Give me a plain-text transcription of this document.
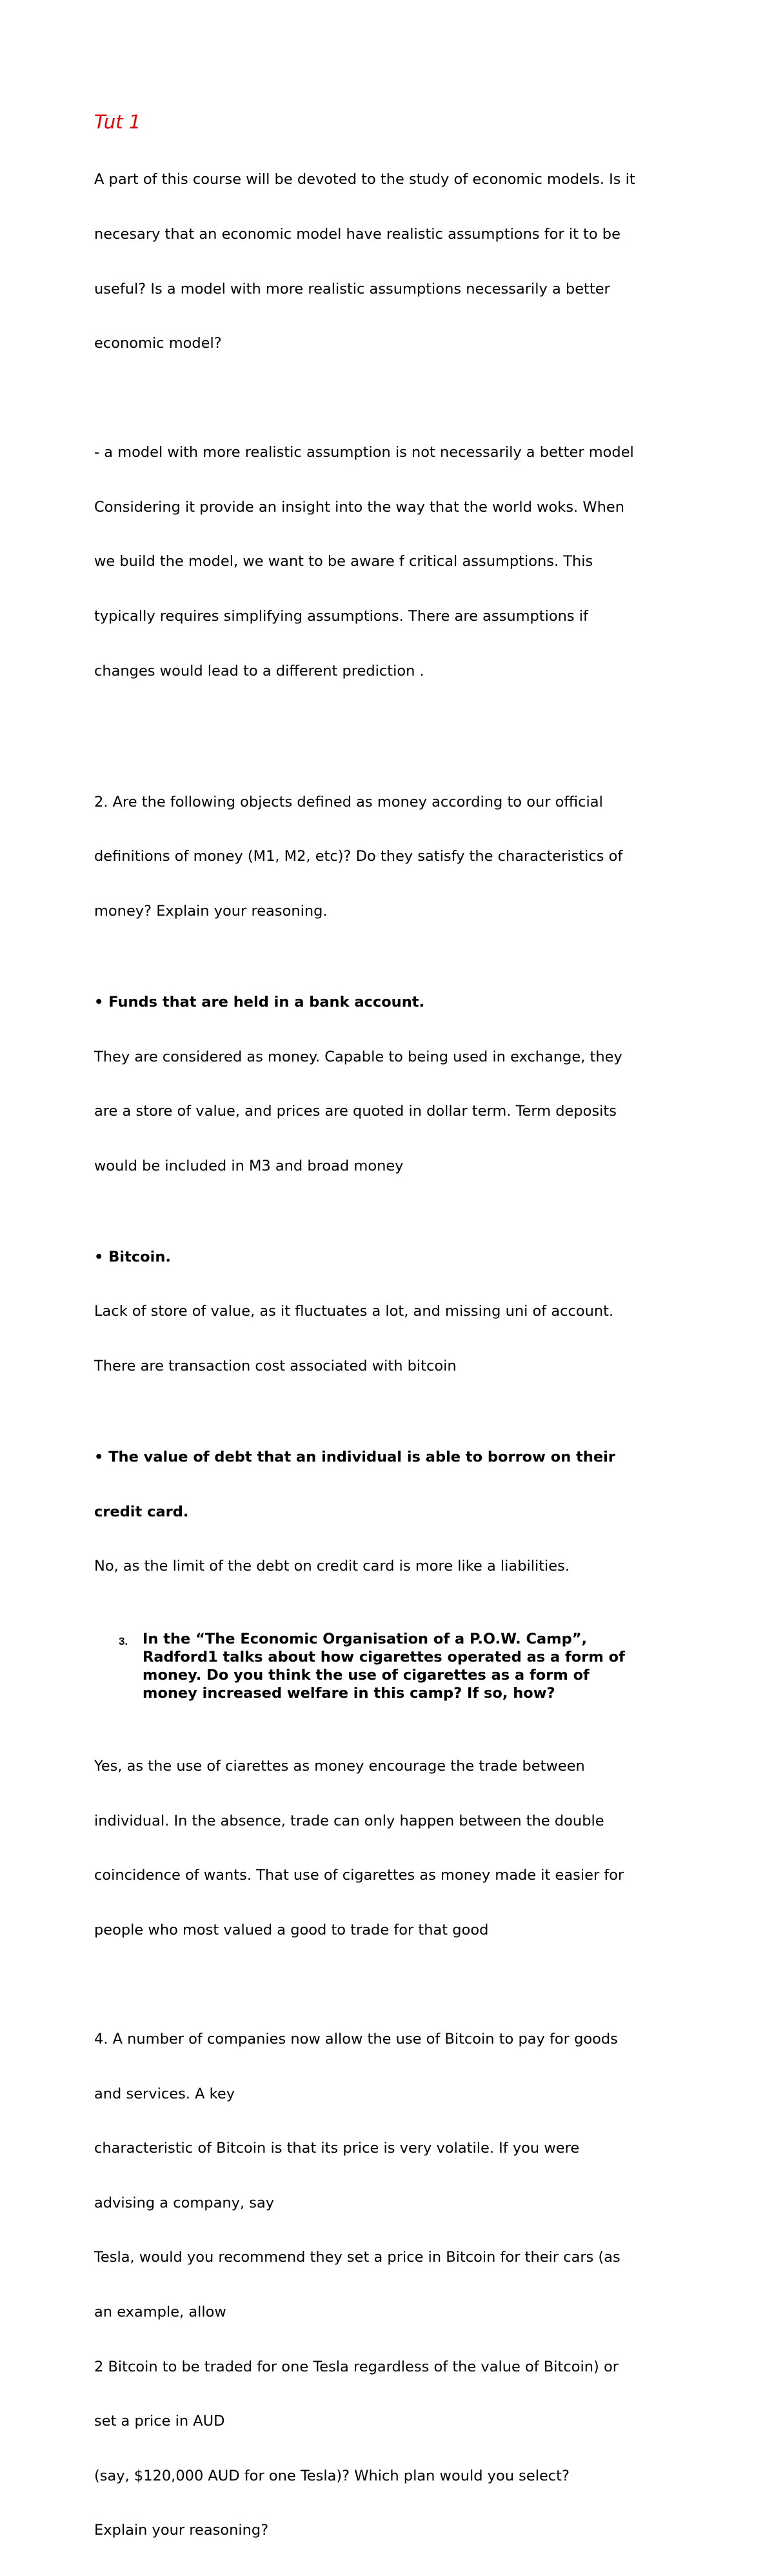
Tut 1

A part of this course will be devoted to the study of economic models. Is it

necesary that an economic model have realistic assumptions for it to be

useful? Is a model with more realistic assumptions necessarily a better

economic model?

- a model with more realistic assumption is not necessarily a better model

Considering it provide an insight into the way that the world woks. When

we build the model, we want to be aware f critical assumptions. This

typically requires simplifying assumptions. There are assumptions if

changes would lead to a different prediction .

2. Are the following objects defined as money according to our official

definitions of money (M1, M2, etc)? Do they satisfy the characteristics of

money? Explain your reasoning.

• Funds that are held in a bank account.

They are considered as money. Capable to being used in exchange, they

are a store of value, and prices are quoted in dollar term. Term deposits

would be included in M3 and broad money

• Bitcoin.

Lack of store of value, as it fluctuates a lot, and missing uni of account.

There are transaction cost associated with bitcoin

• The value of debt that an individual is able to borrow on their

credit card.

No, as the limit of the debt on credit card is more like a liabilities.

3. In the “The Economic Organisation of a P.O.W. Camp”,
Radford1 talks about how cigarettes operated as a form of
money. Do you think the use of cigarettes as a form of
money increased welfare in this camp? If so, how?

Yes, as the use of ciarettes as money encourage the trade between

individual. In the absence, trade can only happen between the double

coincidence of wants. That use of cigarettes as money made it easier for

people who most valued a good to trade for that good

4. A number of companies now allow the use of Bitcoin to pay for goods

and services. A key

characteristic of Bitcoin is that its price is very volatile. If you were

advising a company, say

Tesla, would you recommend they set a price in Bitcoin for their cars (as

an example, allow

2 Bitcoin to be traded for one Tesla regardless of the value of Bitcoin) or

set a price in AUD

(say, $120,000 AUD for one Tesla)? Which plan would you select?

Explain your reasoning?
